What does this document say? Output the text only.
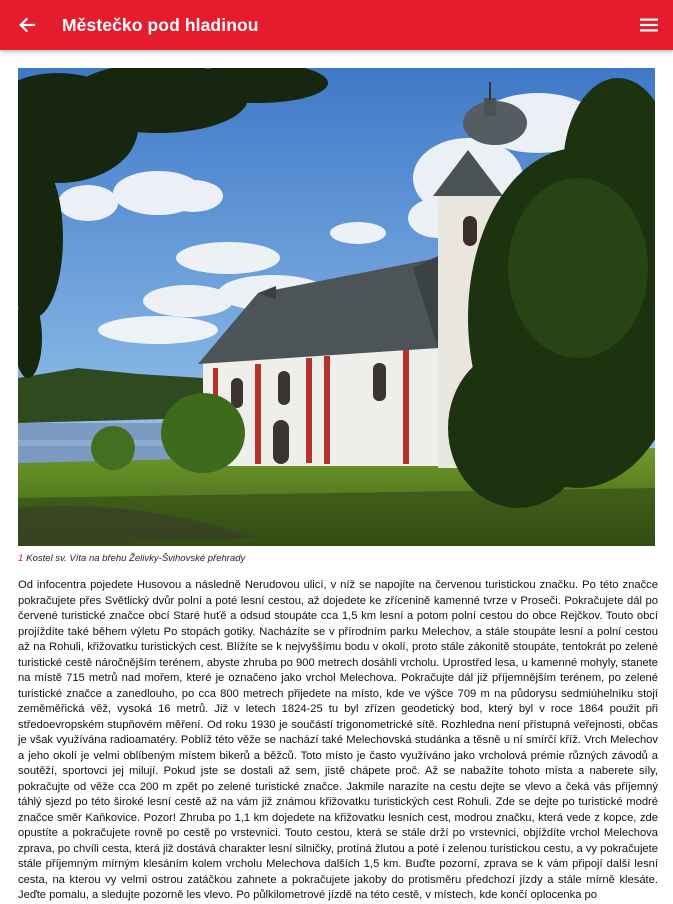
Městečko pod hladinou
1 Kostel sv. Víta na břehu Želivky-Švihovské přehrady

Od infocentra pojedete Husovou a následně Nerudovou ulicí, v níž se napojíte na červenou turistickou značku. Po této značce pokračujete přes Světlický dvůr polní a poté lesní cestou, až dojedete ke zřícenině kamenné tvrze v Proseči. Pokračujete dál po červené turistické značce obcí Staré huťě a odsud stoupáte cca 1,5 km lesní a potom polní cestou do obce Rejčkov. Touto obcí projíždíte také během výletu Po stopách gotiky. Nacházíte se v přírodním parku Melechov, a stále stoupáte lesní a polní cestou až na Rohuli, křižovatku turistických cest. Blížíte se k nejvyššímu bodu v okolí, proto stále zákonitě stoupáte, tentokrát po zelené turistické cestě náročnějším terénem, abyste zhruba po 900 metrech dosáhli vrcholu. Uprostřed lesa, u kamenné mohyly, stanete na místě 715 metrů nad mořem, které je označeno jako vrchol Melechova. Pokračujte dál již příjemnějším terénem, po zelené turistické značce a zanedlouho, po cca 800 metrech přijedete na místo, kde ve výšce 709 m na půdorysu sedmiúhelníku stojí zeměměřická věž, vysoká 16 metrů. Již v letech 1824-25 tu byl zřízen geodetický bod, který byl v roce 1864 použit při středoevropském stupňovém měření. Od roku 1930 je součástí trigonometrické sítě. Rozhledna není přístupná veřejnosti, občas je však využívána radioamatéry. Poblíž této věže se nachází také Melechovská studánka a těsně u ní smírčí kříž. Vrch Melechov a jeho okolí je velmi oblíbeným místem bikerů a běžců. Toto místo je často využíváno jako vrcholová prémie různých závodů a soutěží, sportovci jej milují. Pokud jste se dostali až sem, jistě chápete proč. Až se nabažíte tohoto místa a naberete síly, pokračujte od věže cca 200 m zpět po zelené turistické značce. Jakmile narazíte na cestu dejte se vlevo a čeká vás příjemný táhlý sjezd po této široké lesní cestě až na vám již známou křižovatku turistických cest Rohuli. Zde se dejte po turistické modré značce směr Kaňkovice. Pozor! Zhruba po 1,1 km dojedete na křižovatku lesních cest, modrou značku, která vede z kopce, zde opustíte a pokračujete rovně po cestě po vrstevnici. Touto cestou, která se stále drží po vrstevnici, objíždíte vrchol Melechova zprava, po chvíli cesta, která již dostává charakter lesní silničky, protíná žlutou a poté i zelenou turistickou cestu, a vy pokračujete stále příjemným mírným klesáním kolem vrcholu Melechova dalších 1,5 km. Buďte pozorní, zprava se k vám připojí další lesní cesta, na kterou vy velmi ostrou zatáčkou zahnete a pokračujete jakoby do protisměru předchozí jízdy a stále mírně klesáte. Jeďte pomalu, a sledujte pozorně les vlevo. Po půlkilometrové jízdě na této cestě, v místech, kde končí oplocenka po
